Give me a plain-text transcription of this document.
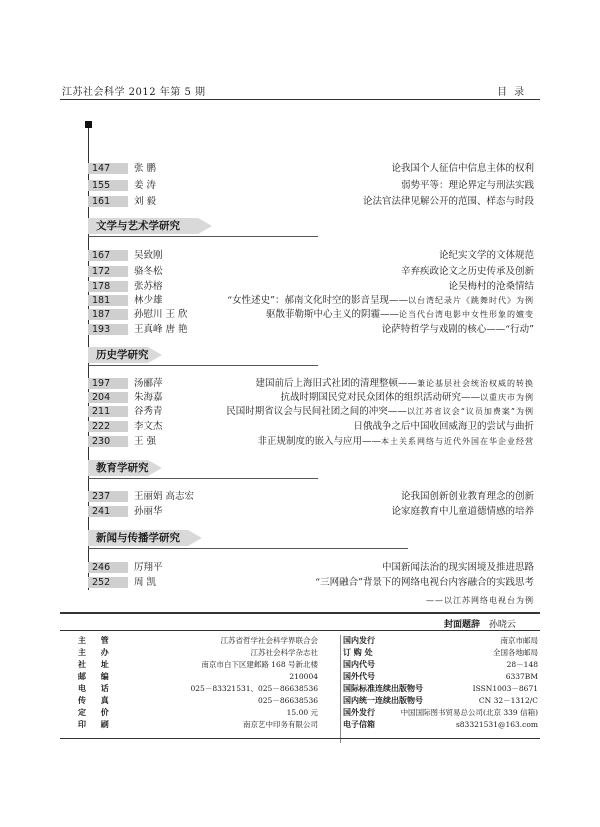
江苏社会科学 2012 年第 5 期	目 录
147	张 鹏	论我国个人征信中信息主体的权利
155	姜 涛	弱势平等：理论界定与刑法实践
161	刘 毅	论法官法律见解公开的范围、样态与时段
文学与艺术学研究
167	吴致刚	论纪实文学的文体规范
172	骆冬松	辛弃疾政论文之历史传承及创新
178	张苏榕	论吴梅村的沧桑情结
181	林少雄	“女性述史”：郝南文化时空的影音呈现——以台湾纪录片《跳舞时代》为例
187	孙慰川 王 欣	驱散菲勒斯中心主义的阴霾——论当代台湾电影中女性形象的嬗变
193	王真峰 唐 艳	论萨特哲学与戏剧的核心——“行动”
历史学研究
197	汤郦萍	建国前后上海旧式社团的清理整顿——兼论基层社会统治权威的转换
204	朱海嘉	抗战时期国民党对民众团体的组织活动研究——以重庆市为例
211	谷秀青	民国时期省议会与民间社团之间的冲突——以江苏省议会“议员加费案”为例
222	李文杰	日俄战争之后中国收回威海卫的尝试与曲折
230	王 强	非正规制度的嵌入与应用——本土关系网络与近代外国在华企业经营
教育学研究
237	王丽娟 高志宏	论我国创新创业教育理念的创新
241	孙丽华	论家庭教育中儿童道德情感的培养
新闻与传播学研究
246	厉翔平	中国新闻法治的现实困境及推进思路
252	周 凯	“三网融合”背景下的网络电视台内容融合的实践思考
——以江苏网络电视台为例
封面题辞 孙晓云
主 管	江苏省哲学社会科学界联合会
主 办	江苏社会科学杂志社
社 址	南京市白下区建邺路 168 号新北楼
邮 编	210004
电 话	025－83321531、025－86638536
传 真	025－86638536
定 价	15.00 元
印 刷	南京艺中印务有限公司
国内发行	南京市邮局
订 购 处	全国各地邮局
国内代号	28－148
国外代号	6337BM
国际标准连续出版物号	ISSN1003－8671
国内统一连续出版物号	CN 32－1312/C
国外发行	中国国际图书贸易总公司(北京 339 信箱)
电子信箱	s83321531@163.com
